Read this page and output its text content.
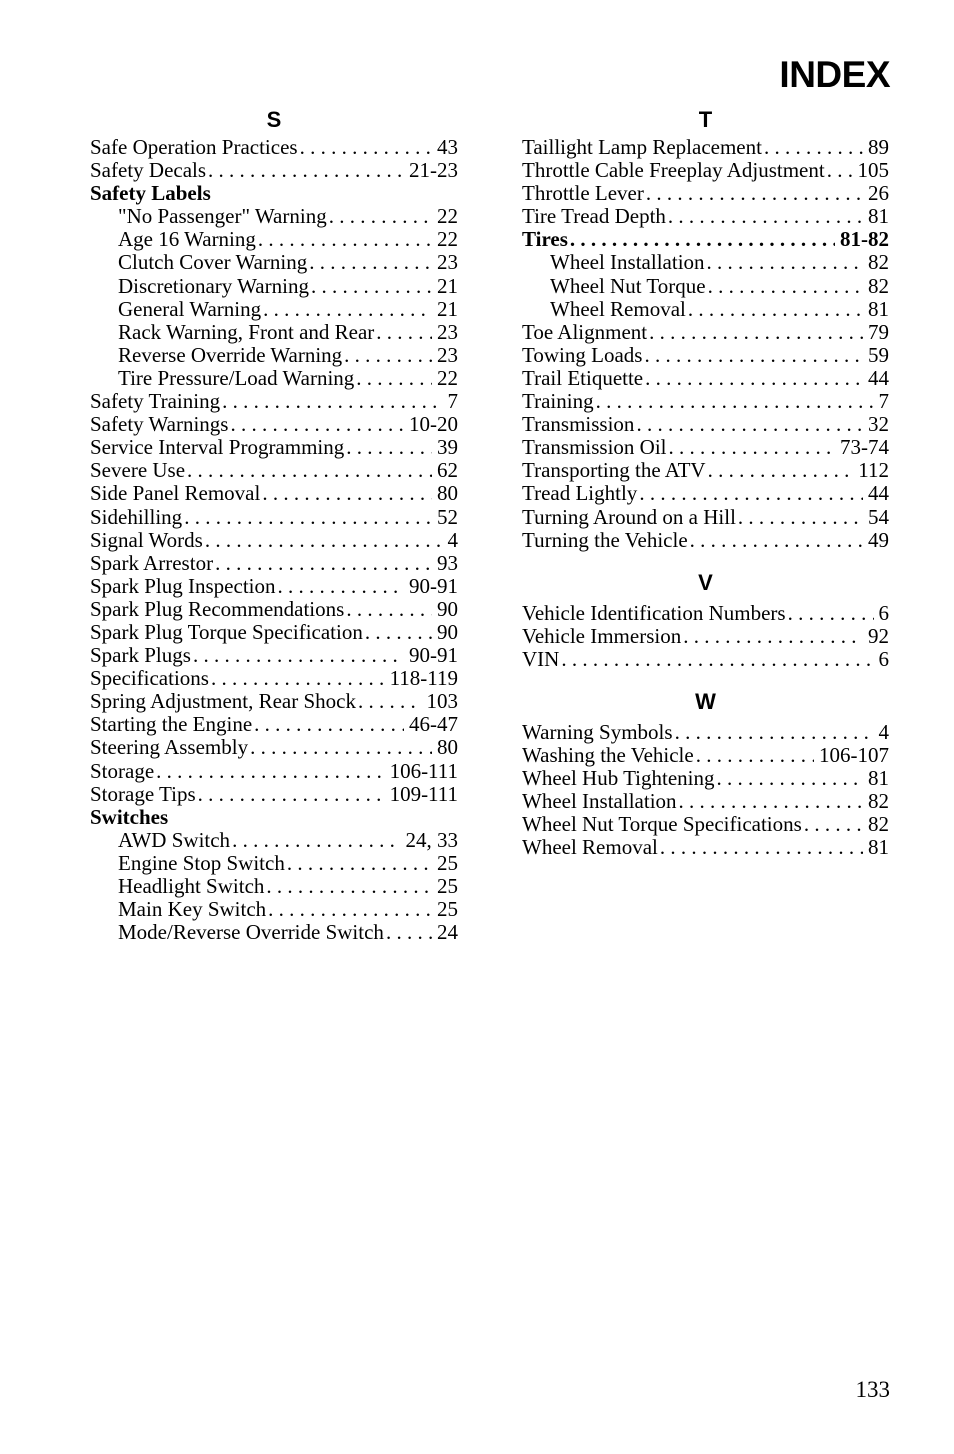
INDEX
S
Safe Operation Practices . . .	43
Safety Decals . . .	21-23
Safety Labels
"No Passenger" Warning . . .	22
Age 16 Warning . . .	22
Clutch Cover Warning . . .	23
Discretionary Warning . . .	21
General Warning . . .	21
Rack Warning, Front and Rear . . .	23
Reverse Override Warning . . .	23
Tire Pressure/Load Warning . . .	22
Safety Training . . .	7
Safety Warnings . . .	10-20
Service Interval Programming . . .	39
Severe Use . . .	62
Side Panel Removal . . .	80
Sidehilling . . .	52
Signal Words . . .	4
Spark Arrestor . . .	93
Spark Plug Inspection . . .	90-91
Spark Plug Recommendations . . .	90
Spark Plug Torque Specification . . .	90
Spark Plugs . . .	90-91
Specifications . . .	118-119
Spring Adjustment, Rear Shock . . .	103
Starting the Engine . . .	46-47
Steering Assembly . . .	80
Storage . . .	106-111
Storage Tips . . .	109-111
Switches
AWD Switch . . .	24, 33
Engine Stop Switch . . .	25
Headlight Switch . . .	25
Main Key Switch . . .	25
Mode/Reverse Override Switch . . .	24
T
Taillight Lamp Replacement . . .	89
Throttle Cable Freeplay Adjustment . . . 105
Throttle Lever . . .	26
Tire Tread Depth . . .	81
Tires . . .	81-82
Wheel Installation . . .	82
Wheel Nut Torque . . .	82
Wheel Removal . . .	81
Toe Alignment . . .	79
Towing Loads . . .	59
Trail Etiquette . . .	44
Training . . .	7
Transmission . . .	32
Transmission Oil . . .	73-74
Transporting the ATV . . .	112
Tread Lightly . . .	44
Turning Around on a Hill . . .	54
Turning the Vehicle . . .	49
V
Vehicle Identification Numbers . . .	6
Vehicle Immersion . . .	92
VIN . . .	6
W
Warning Symbols . . .	4
Washing the Vehicle . . .	106-107
Wheel Hub Tightening . . .	81
Wheel Installation . . .	82
Wheel Nut Torque Specifications . . .	82
Wheel Removal . . .	81
133
